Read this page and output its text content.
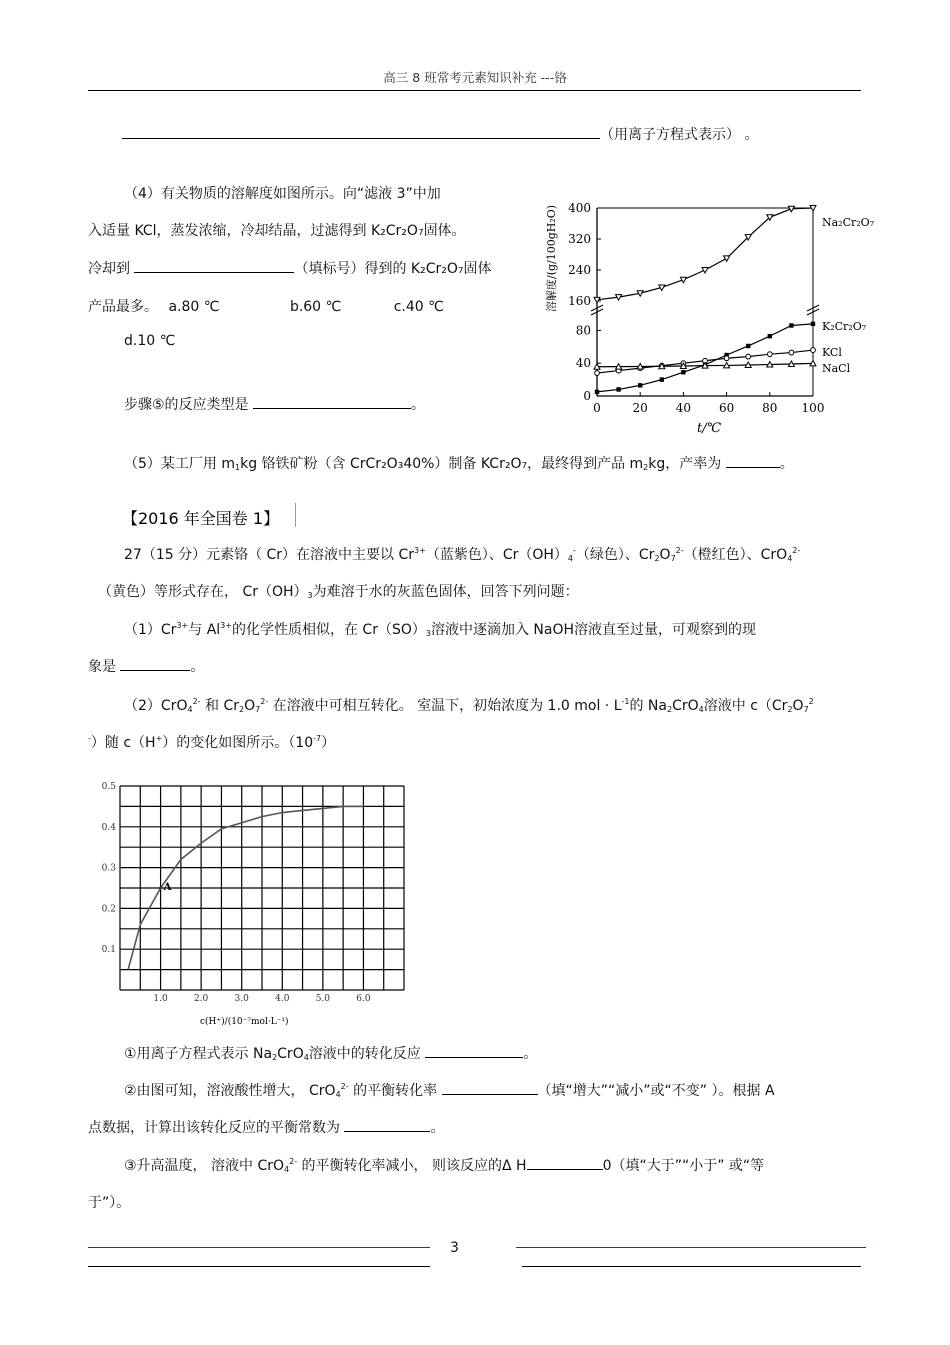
高三 8 班常考元素知识补充 ---铬
（用离子方程式表示） 。
（4）有关物质的溶解度如图所示。向“滤液 3”中加
入适量 KCl，蒸发浓缩，冷却结晶，过滤得到 K₂Cr₂O₇固体。
冷却到	（填标号）得到的 K₂Cr₂O₇固体
产品最多。 a.80 ℃	b.60 ℃	c.40 ℃
d.10 ℃
步骤⑤的反应类型是	。
0
40
80
160
240
320
400
0	20 40 60 80 100
溶解度/(g/100gH₂O)
t/℃
Na₂Cr₂O₇
K₂Cr₂O₇
KCl
NaCl
（5）某工厂用 $m_1kg$ 铬铁矿粉（含 CrCr₂O₃40%）制备 KCr₂O₇，最终得到产品 $m_2kg$，产率为	。
【2016 年全国卷 1】
27（15 分）元素铬（ Cr）在溶液中主要以 $Cr^{3+}$（蓝紫色）、$Cr(OH)_4^-$（绿色）、$Cr_2O_7^{2-}$（橙红色）、CrO$_4^{2-}$
（黄色）等形式存在， $Cr(OH)_3$为难溶于水的灰蓝色固体，回答下列问题：
$(1)Cr^{3+}$与 $Al^{3+}$的化学性质相似，在 $Cr(SO)_3$溶液中逐滴加入 NaOH溶液直至过量，可观察到的现
象是	。
（2）CrO$_4^{2-}$ 和 $Cr_2O_7^{2-}$ 在溶液中可相互转化。 室温下，初始浓度为 1.0 mol · $L^{-1}$的 $Na_2CrO_4$溶液中 $c(Cr_2O_7^2$
-）随 c（H+）的变化如图所示。$(10^{-7})$
0.1
0.2
0.3
0.4
0.5
1.0	2.0	3.0	4.0	5.0	6.0
A
c(H⁺)/(10⁻⁷mol·L⁻¹)
①用离子方程式表示 $Na_2CrO_4$溶液中的转化反应	。
②由图可知，溶液酸性增大， CrO$_4^{2-}$ 的平衡转化率	（填“增大”“减小”或“不变” ）。根据 A
点数据，计算出该转化反应的平衡常数为	。
③升高温度， 溶液中 CrO$_4^{2-}$ 的平衡转化率减小， 则该反应的Δ H	0（填“大于”“小于” 或“等
于”）。
3
